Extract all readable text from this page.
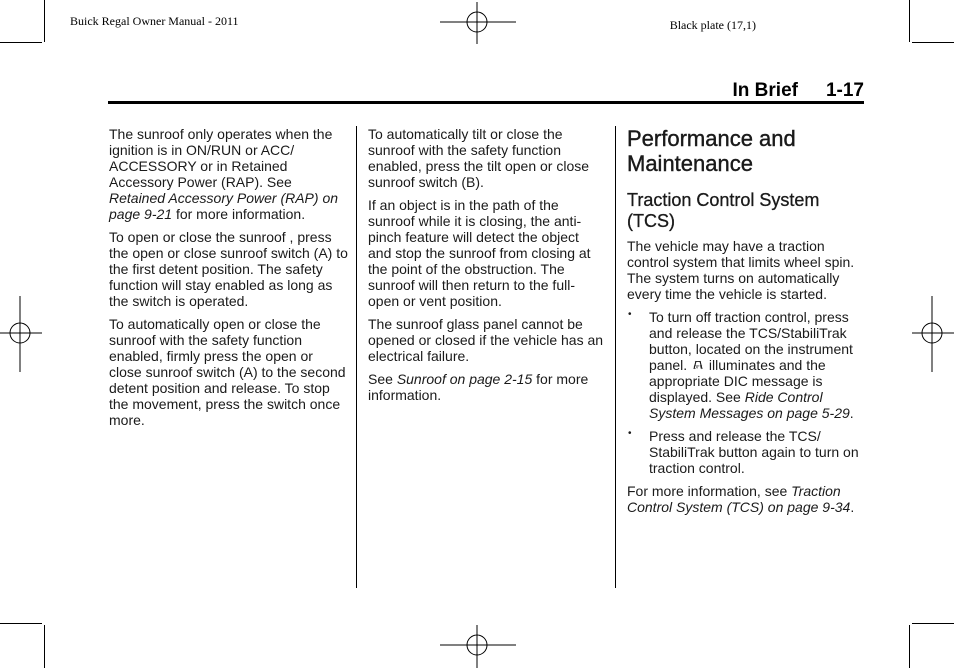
Buick Regal Owner Manual - 2011	Black plate (17,1)
In Brief 1-17

The sunroof only operates when the ignition is in ON/RUN or ACC/ ACCESSORY or in Retained Accessory Power (RAP). See Retained Accessory Power (RAP) on page 9-21 for more information.

To open or close the sunroof , press the open or close sunroof switch (A) to the first detent position. The safety function will stay enabled as long as the switch is operated.

To automatically open or close the sunroof with the safety function enabled, firmly press the open or close sunroof switch (A) to the second detent position and release. To stop the movement, press the switch once more.

To automatically tilt or close the sunroof with the safety function enabled, press the tilt open or close sunroof switch (B).

If an object is in the path of the sunroof while it is closing, the anti-pinch feature will detect the object and stop the sunroof from closing at the point of the obstruction. The sunroof will then return to the full-open or vent position.

The sunroof glass panel cannot be opened or closed if the vehicle has an electrical failure.

See Sunroof on page 2-15 for more information.

Performance and Maintenance
Traction Control System (TCS)

The vehicle may have a traction control system that limits wheel spin. The system turns on automatically every time the vehicle is started.

• To turn off traction control, press and release the TCS/StabiliTrak button, located on the instrument panel. OFF illuminates and the appropriate DIC message is displayed. See Ride Control System Messages on page 5-29.
• Press and release the TCS/ StabiliTrak button again to turn on traction control.

For more information, see Traction Control System (TCS) on page 9-34.
